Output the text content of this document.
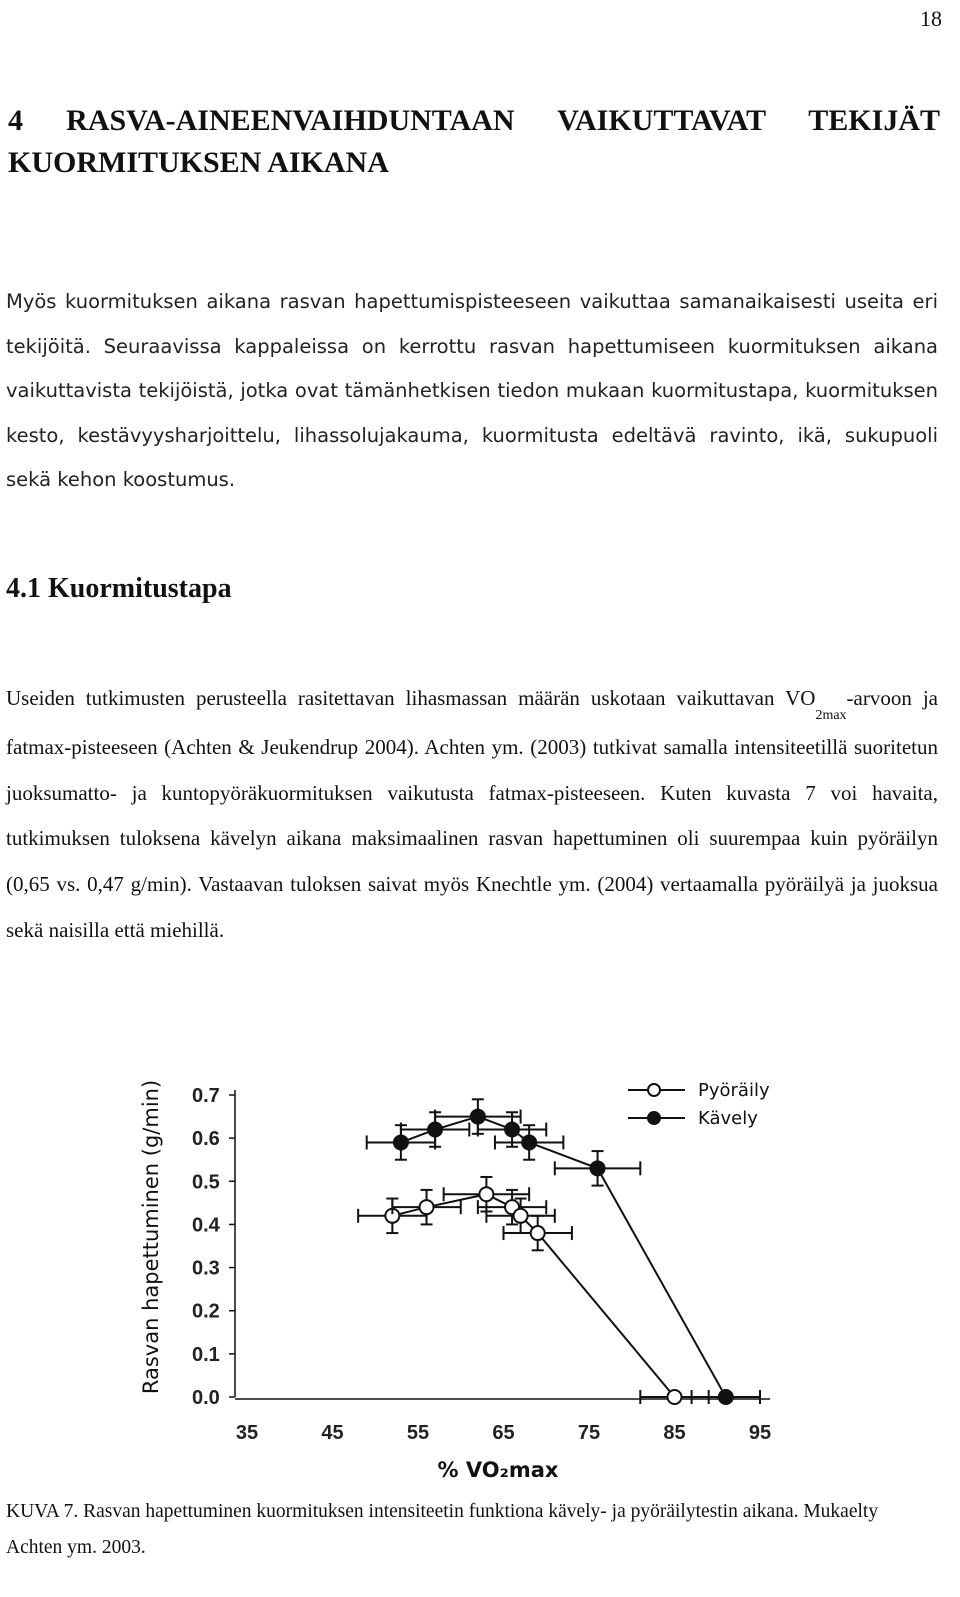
18
4 RASVA-AINEENVAIHDUNTAAN VAIKUTTAVAT TEKIJÄT KUORMITUKSEN AIKANA

Myös kuormituksen aikana rasvan hapettumispisteeseen vaikuttaa samanaikaisesti useita eri tekijöitä. Seuraavissa kappaleissa on kerrottu rasvan hapettumiseen kuormituksen aikana vaikuttavista tekijöistä, jotka ovat tämänhetkisen tiedon mukaan kuormitustapa, kuormituksen kesto, kestävyysharjoittelu, lihassolujakauma, kuormitusta edeltävä ravinto, ikä, sukupuoli sekä kehon koostumus.

4.1 Kuormitustapa

Useiden tutkimusten perusteella rasitettavan lihasmassan määrän uskotaan vaikuttavan $VO_{2max}$-arvoon ja fatmax-pisteeseen (Achten & Jeukendrup 2004). Achten ym. (2003) tutkivat samalla intensiteetillä suoritetun juoksumatto- ja kuntopyöräkuormituksen vaikutusta fatmax-pisteeseen. Kuten kuvasta 7 voi havaita, tutkimuksen tuloksena kävelyn aikana maksimaalinen rasvan hapettuminen oli suurempaa kuin pyöräilyn (0,65 vs. 0,47 g/min). Vastaavan tuloksen saivat myös Knechtle ym. (2004) vertaamalla pyöräilyä ja juoksua sekä naisilla että miehillä.

0.0
0.1
0.2
0.3
0.4
0.5
0.6
0.7
35	45	55	65	75	85	95
Pyöräily
Kävely
Rasvan hapettuminen (g/min)
% VO₂max

KUVA 7. Rasvan hapettuminen kuormituksen intensiteetin funktiona kävely- ja pyöräilytestin aikana. Mukaelty Achten ym. 2003.
